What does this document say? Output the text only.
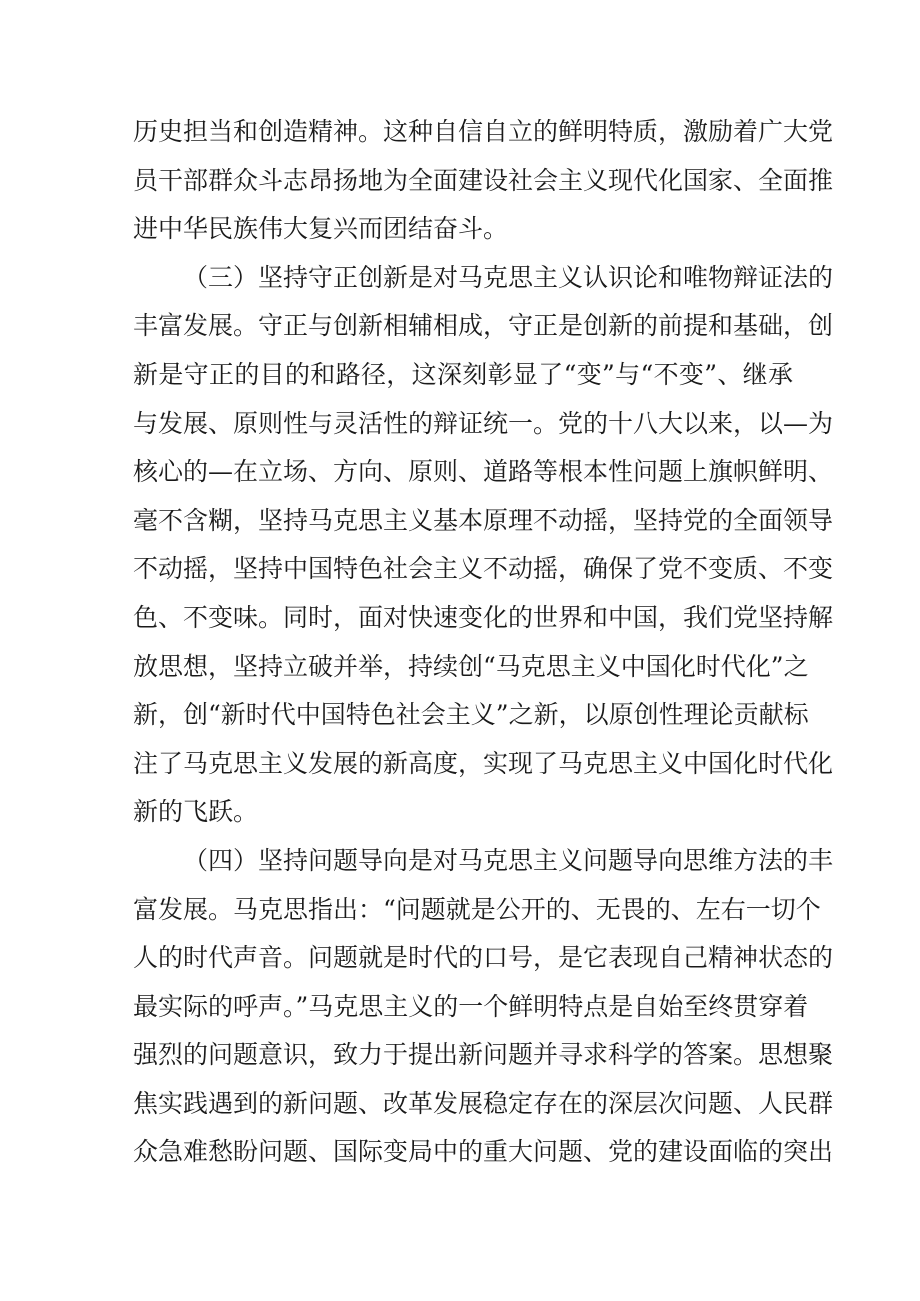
历史担当和创造精神。这种自信自立的鲜明特质，激励着广大党
员干部群众斗志昂扬地为全面建设社会主义现代化国家、全面推
进中华民族伟大复兴而团结奋斗。
（三）坚持守正创新是对马克思主义认识论和唯物辩证法的
丰富发展。守正与创新相辅相成，守正是创新的前提和基础，创
新是守正的目的和路径，这深刻彰显了“变”与“不变”、继承
与发展、原则性与灵活性的辩证统一。党的十八大以来，以—为
核心的—在立场、方向、原则、道路等根本性问题上旗帜鲜明、
毫不含糊，坚持马克思主义基本原理不动摇，坚持党的全面领导
不动摇，坚持中国特色社会主义不动摇，确保了党不变质、不变
色、不变味。同时，面对快速变化的世界和中国，我们党坚持解
放思想，坚持立破并举，持续创“马克思主义中国化时代化”之
新，创“新时代中国特色社会主义”之新，以原创性理论贡献标
注了马克思主义发展的新高度，实现了马克思主义中国化时代化
新的飞跃。
（四）坚持问题导向是对马克思主义问题导向思维方法的丰
富发展。马克思指出：“问题就是公开的、无畏的、左右一切个
人的时代声音。问题就是时代的口号，是它表现自己精神状态的
最实际的呼声。”马克思主义的一个鲜明特点是自始至终贯穿着
强烈的问题意识，致力于提出新问题并寻求科学的答案。思想聚
焦实践遇到的新问题、改革发展稳定存在的深层次问题、人民群
众急难愁盼问题、国际变局中的重大问题、党的建设面临的突出
